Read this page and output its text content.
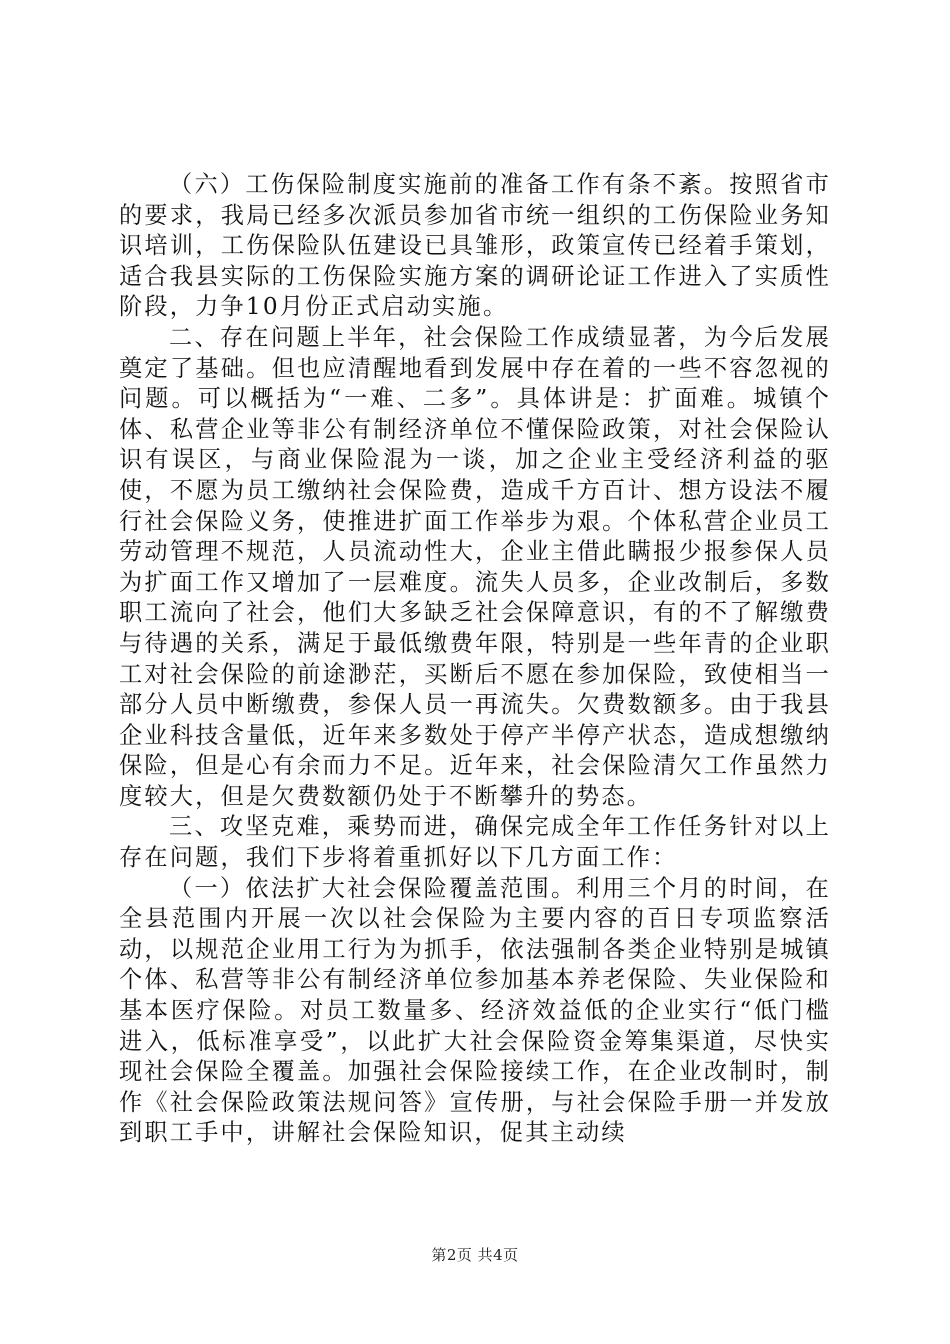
（六）工伤保险制度实施前的准备工作有条不紊。按照省市的要求，我局已经多次派员参加省市统一组织的工伤保险业务知识培训，工伤保险队伍建设已具雏形，政策宣传已经着手策划，适合我县实际的工伤保险实施方案的调研论证工作进入了实质性阶段，力争10月份正式启动实施。

二、存在问题上半年，社会保险工作成绩显著，为今后发展奠定了基础。但也应清醒地看到发展中存在着的一些不容忽视的问题。可以概括为“一难、二多”。具体讲是：扩面难。城镇个体、私营企业等非公有制经济单位不懂保险政策，对社会保险认识有误区，与商业保险混为一谈，加之企业主受经济利益的驱使，不愿为员工缴纳社会保险费，造成千方百计、想方设法不履行社会保险义务，使推进扩面工作举步为艰。个体私营企业员工劳动管理不规范，人员流动性大，企业主借此瞒报少报参保人员为扩面工作又增加了一层难度。流失人员多，企业改制后，多数职工流向了社会，他们大多缺乏社会保障意识，有的不了解缴费与待遇的关系，满足于最低缴费年限，特别是一些年青的企业职工对社会保险的前途渺茫，买断后不愿在参加保险，致使相当一部分人员中断缴费，参保人员一再流失。欠费数额多。由于我县企业科技含量低，近年来多数处于停产半停产状态，造成想缴纳保险，但是心有余而力不足。近年来，社会保险清欠工作虽然力度较大，但是欠费数额仍处于不断攀升的势态。

三、攻坚克难，乘势而进，确保完成全年工作任务针对以上存在问题，我们下步将着重抓好以下几方面工作：

（一）依法扩大社会保险覆盖范围。利用三个月的时间，在全县范围内开展一次以社会保险为主要内容的百日专项监察活动，以规范企业用工行为为抓手，依法强制各类企业特别是城镇个体、私营等非公有制经济单位参加基本养老保险、失业保险和基本医疗保险。对员工数量多、经济效益低的企业实行“低门槛进入，低标准享受”，以此扩大社会保险资金筹集渠道，尽快实现社会保险全覆盖。加强社会保险接续工作，在企业改制时，制作《社会保险政策法规问答》宣传册，与社会保险手册一并发放到职工手中，讲解社会保险知识，促其主动续

第2页 共4页
